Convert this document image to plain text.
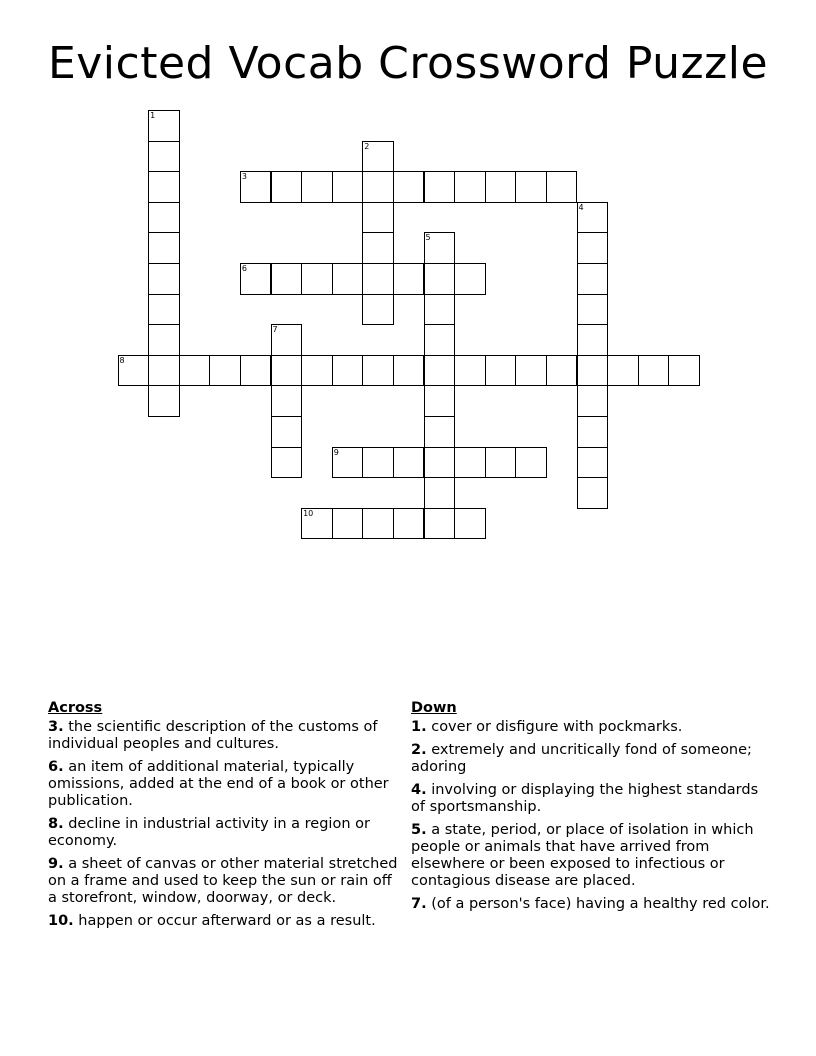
Evicted Vocab Crossword Puzzle
1
2
3
4
5
6
7
8
9
10
Across
3. the scientific description of the customs of individual peoples and cultures.
6. an item of additional material, typically omissions, added at the end of a book or other publication.
8. decline in industrial activity in a region or economy.
9. a sheet of canvas or other material stretched on a frame and used to keep the sun or rain off a storefront, window, doorway, or deck.
10. happen or occur afterward or as a result.
Down
1. cover or disfigure with pockmarks.
2. extremely and uncritically fond of someone; adoring
4. involving or displaying the highest standards of sportsmanship.
5. a state, period, or place of isolation in which people or animals that have arrived from elsewhere or been exposed to infectious or contagious disease are placed.
7. (of a person's face) having a healthy red color.
